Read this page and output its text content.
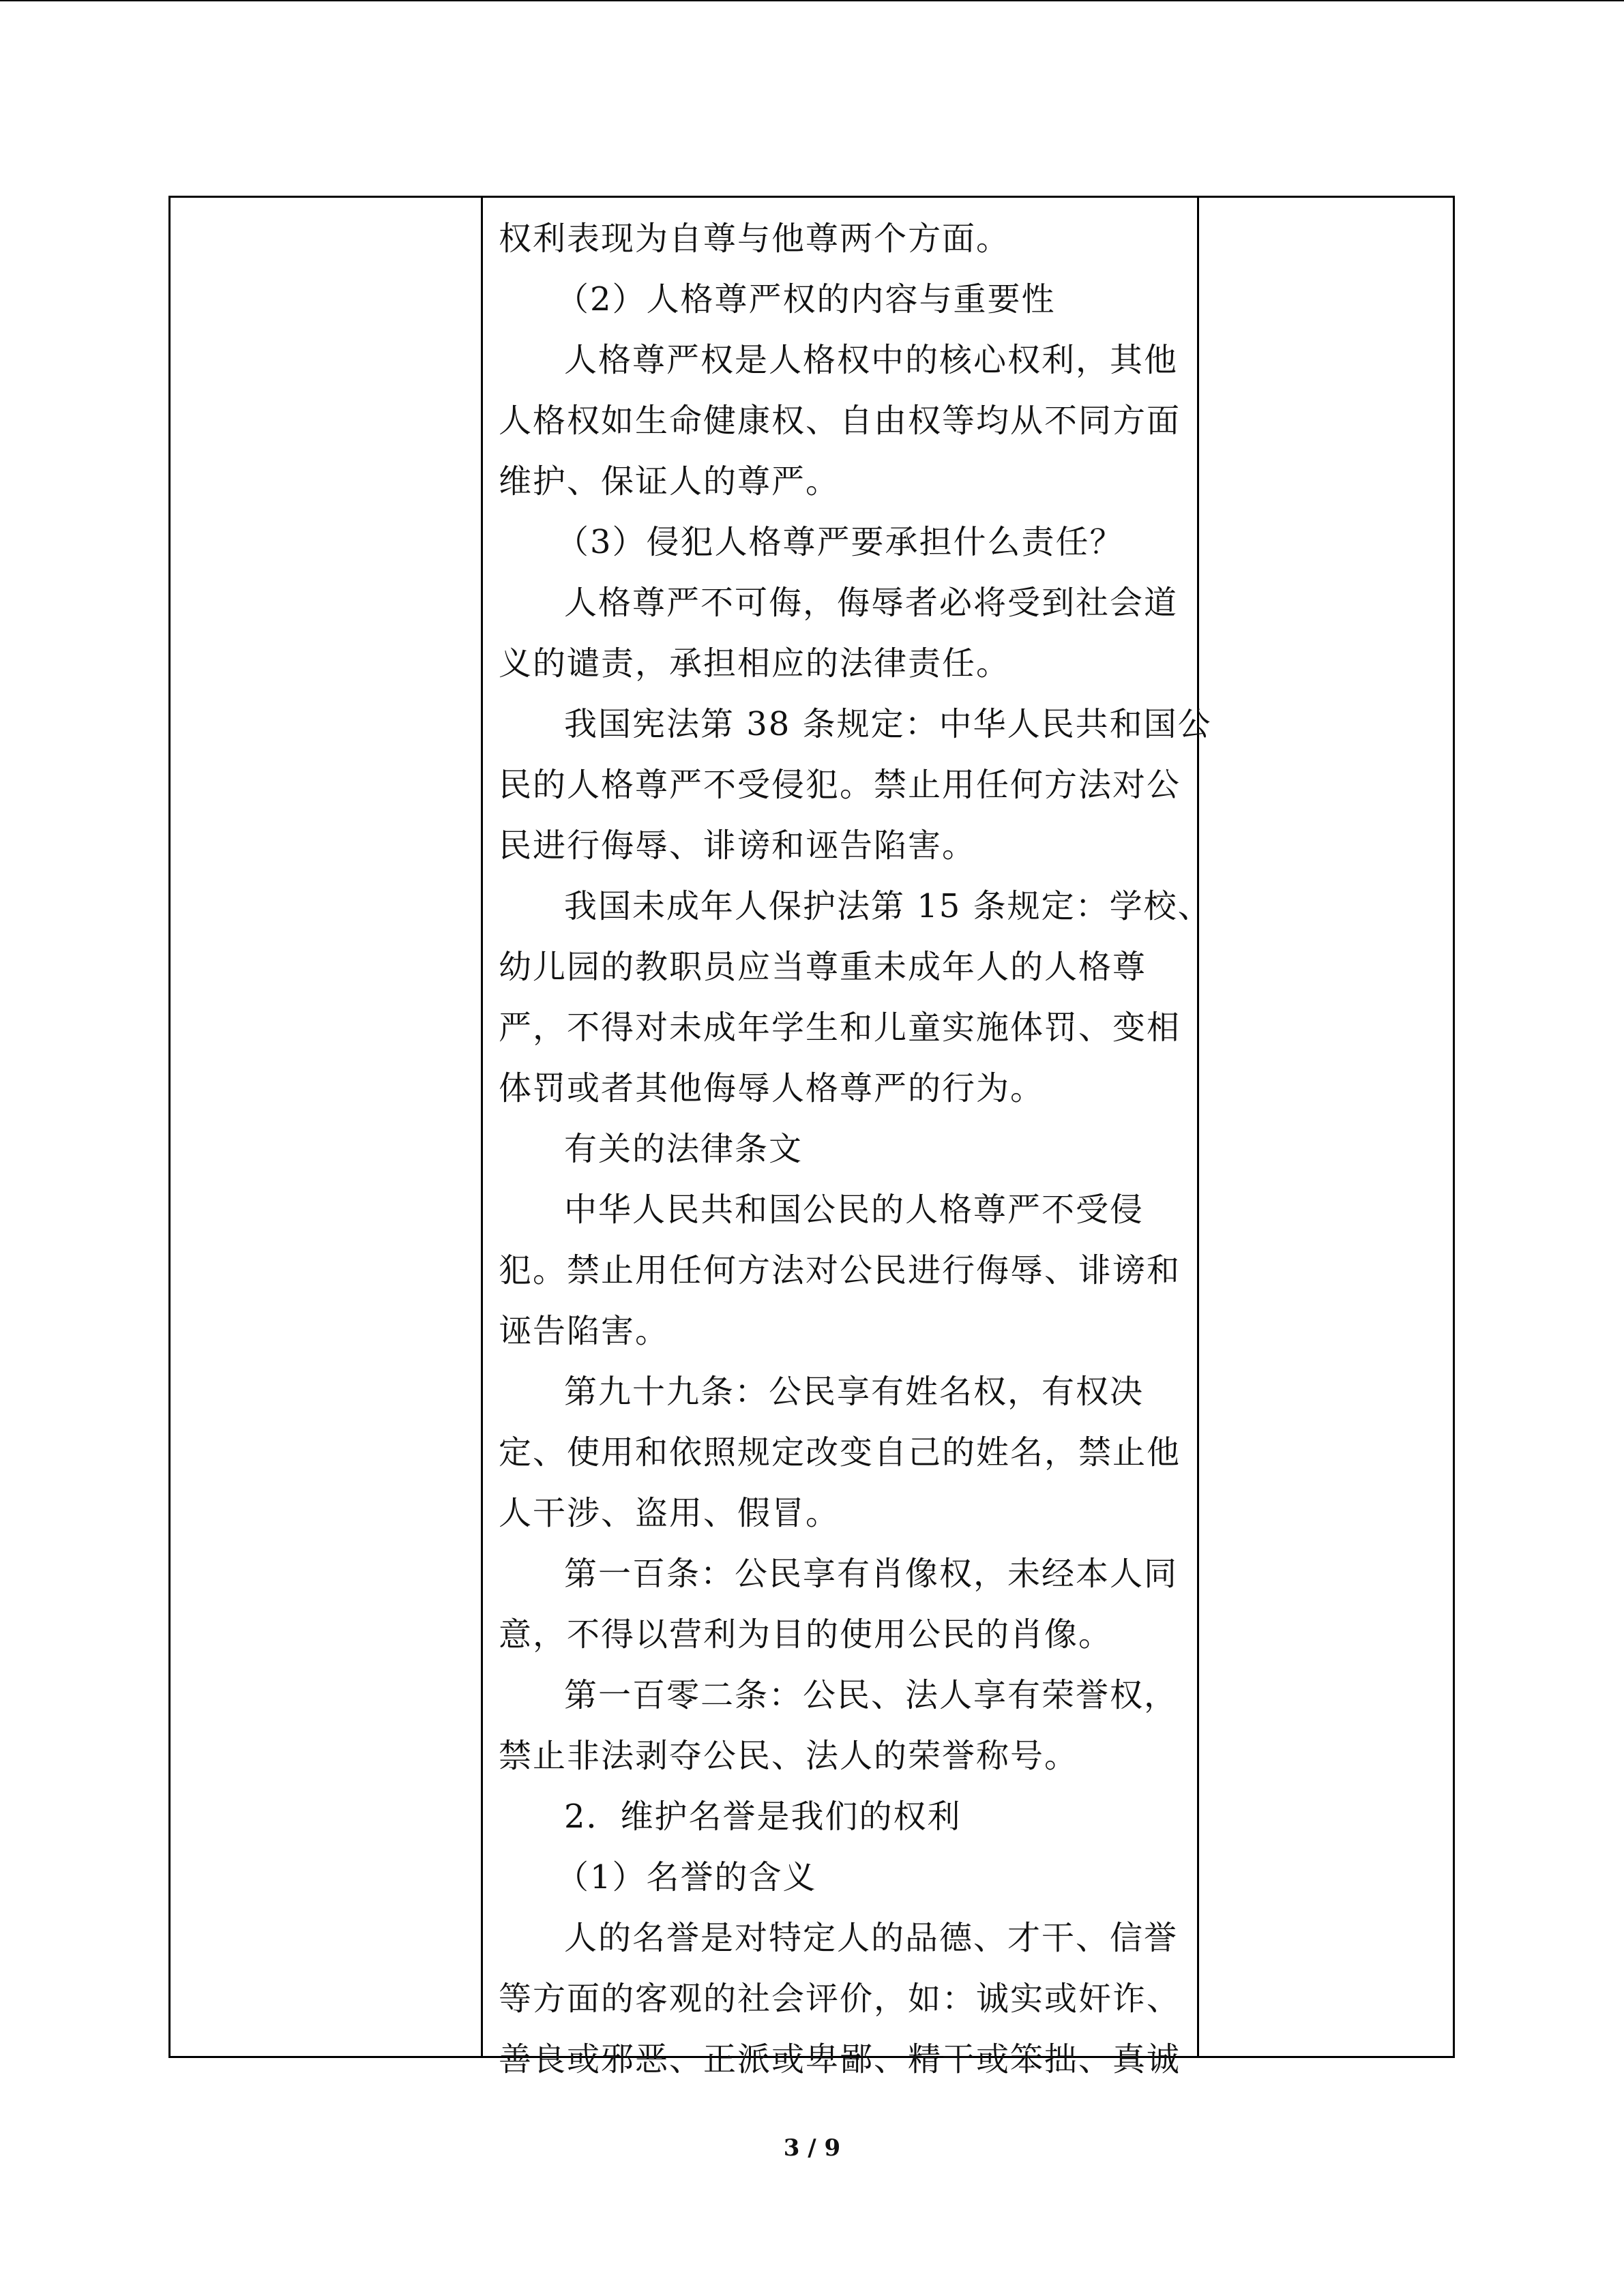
权利表现为自尊与他尊两个方面。

（2）人格尊严权的内容与重要性

人格尊严权是人格权中的核心权利，其他

人格权如生命健康权、自由权等均从不同方面

维护、保证人的尊严。

（3）侵犯人格尊严要承担什么责任？

人格尊严不可侮，侮辱者必将受到社会道

义的谴责，承担相应的法律责任。

我国宪法第 38 条规定：中华人民共和国公

民的人格尊严不受侵犯。禁止用任何方法对公

民进行侮辱、诽谤和诬告陷害。

我国未成年人保护法第 15 条规定：学校、

幼儿园的教职员应当尊重未成年人的人格尊

严，不得对未成年学生和儿童实施体罚、变相

体罚或者其他侮辱人格尊严的行为。

有关的法律条文

中华人民共和国公民的人格尊严不受侵

犯。禁止用任何方法对公民进行侮辱、诽谤和

诬告陷害。

第九十九条：公民享有姓名权，有权决

定、使用和依照规定改变自己的姓名，禁止他

人干涉、盗用、假冒。

第一百条：公民享有肖像权，未经本人同

意，不得以营利为目的使用公民的肖像。

第一百零二条：公民、法人享有荣誉权，

禁止非法剥夺公民、法人的荣誉称号。

2．维护名誉是我们的权利

（1）名誉的含义

人的名誉是对特定人的品德、才干、信誉

等方面的客观的社会评价，如：诚实或奸诈、

善良或邪恶、正派或卑鄙、精干或笨拙、真诚

3 / 9
